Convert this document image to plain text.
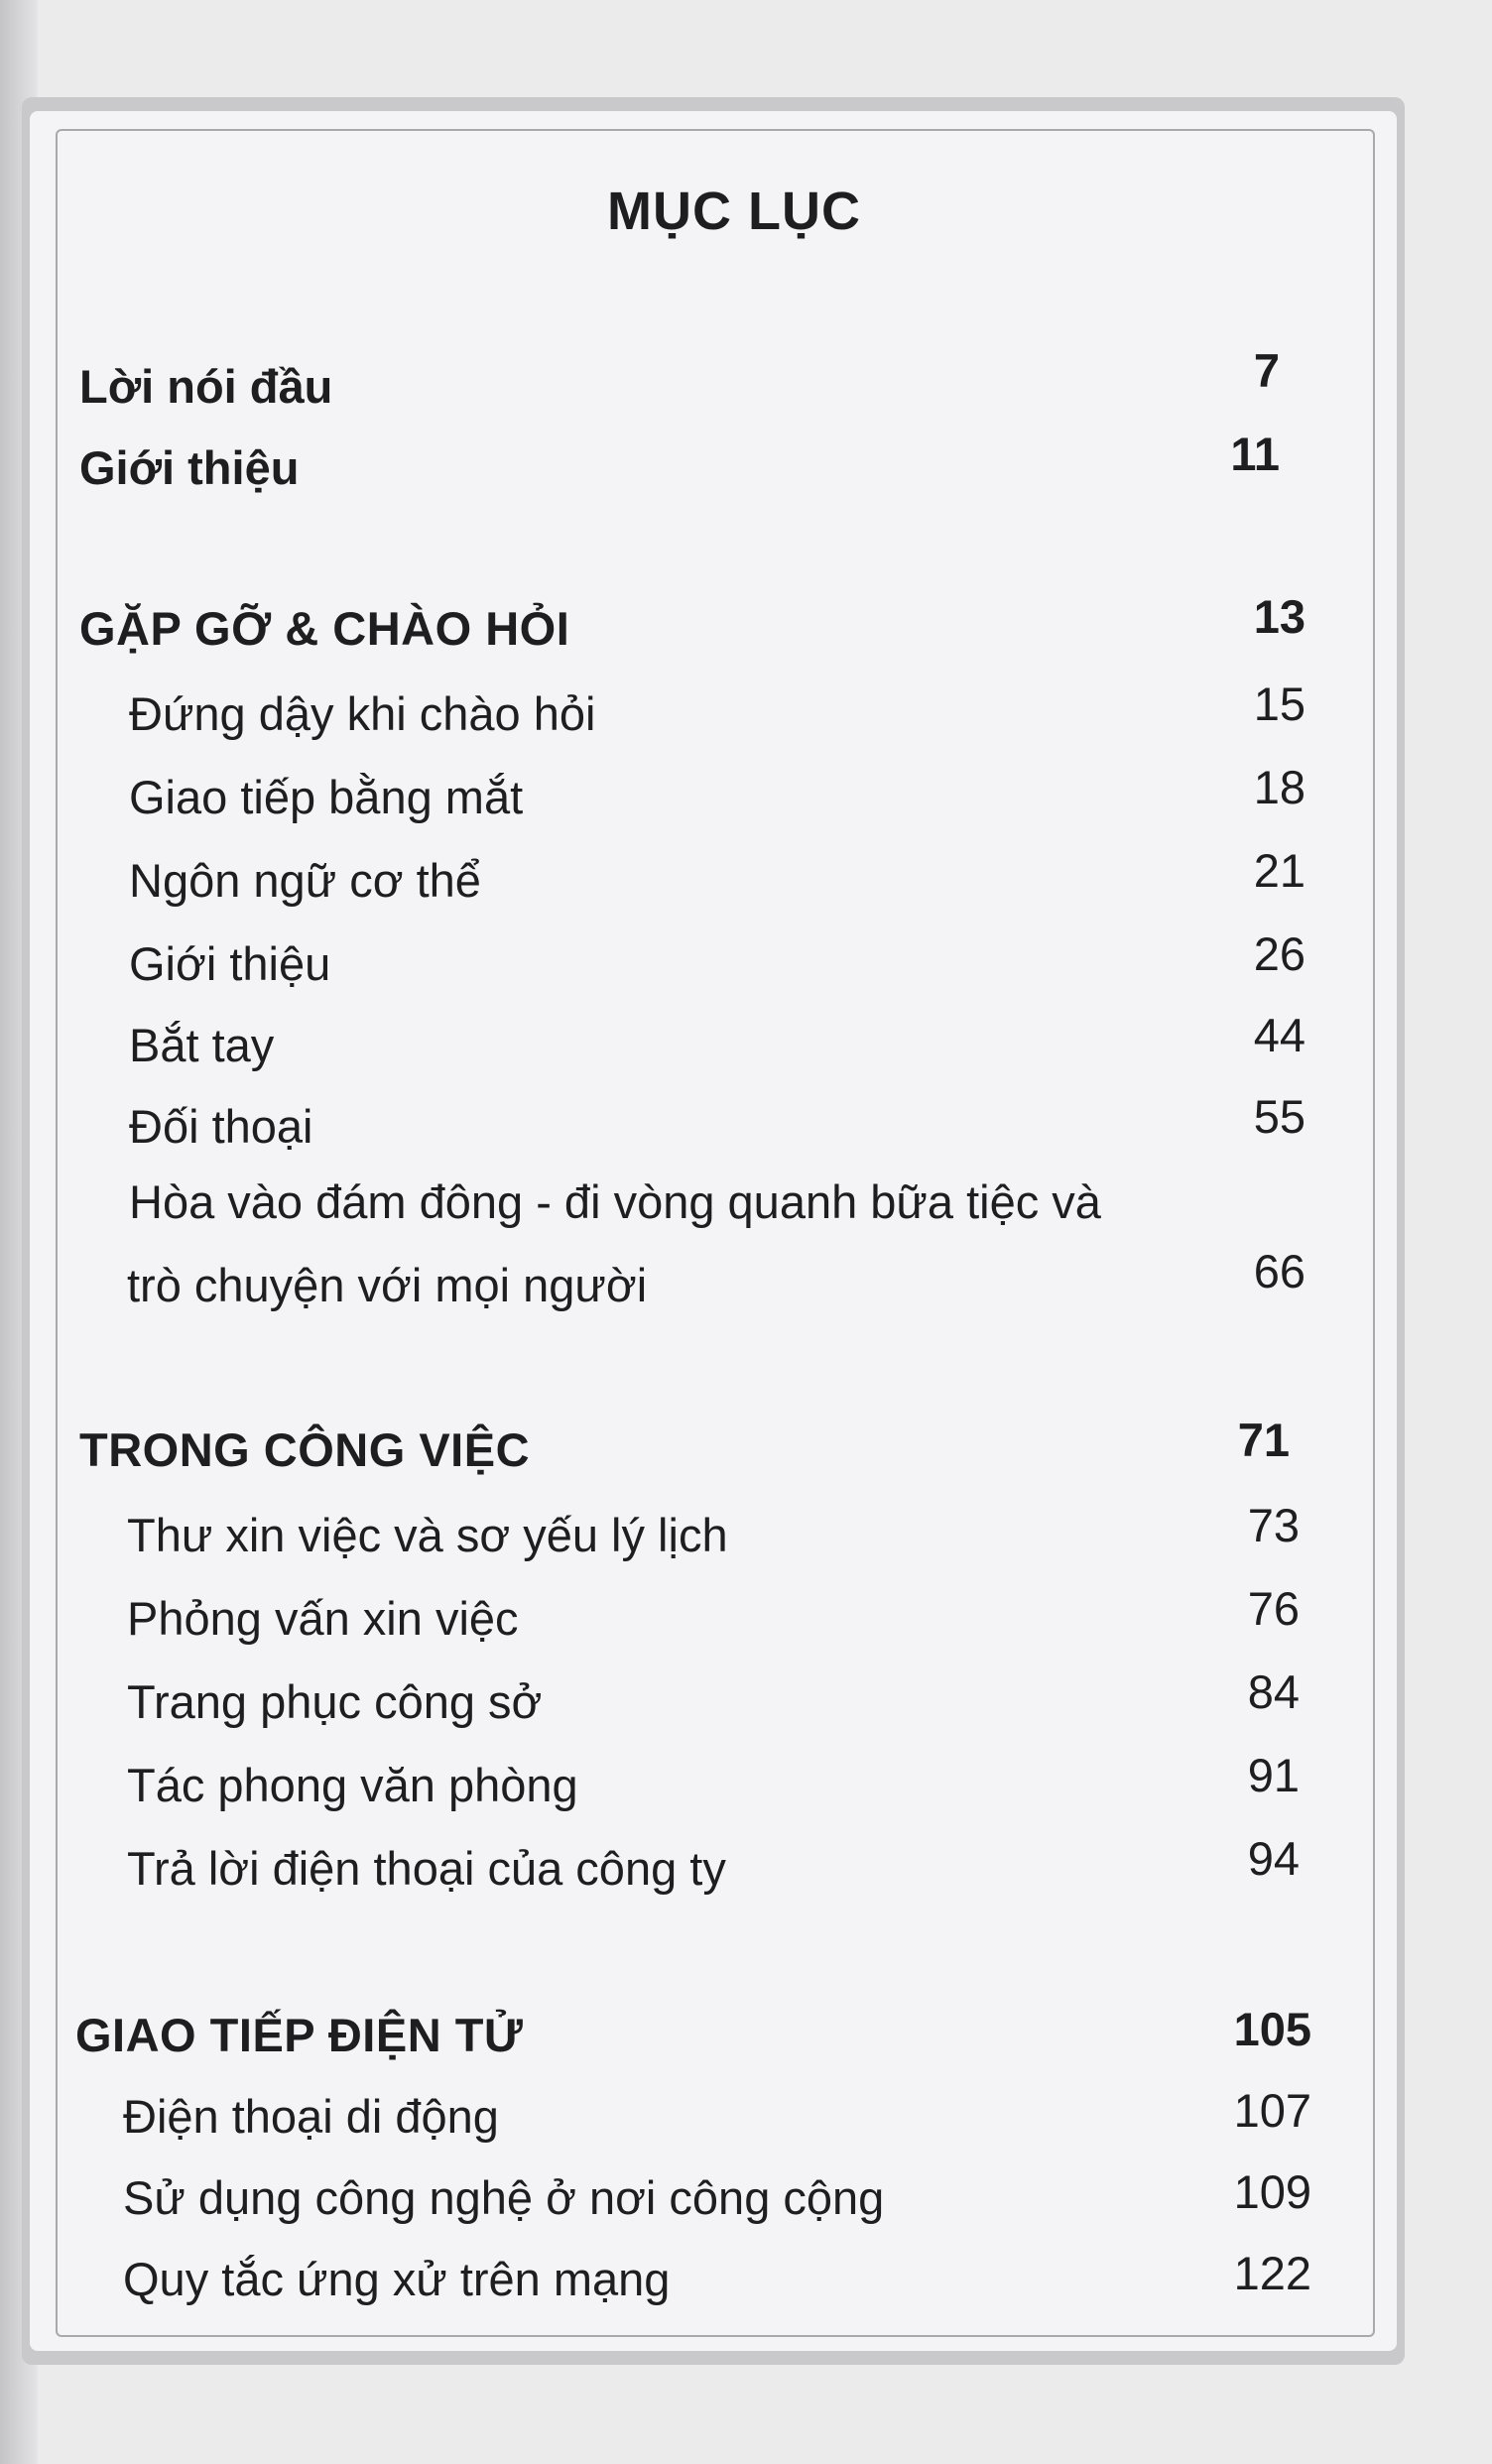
MỤC LỤC
Lời nói đầu	7
Giới thiệu	11
GẶP GỠ & CHÀO HỎI	13
Đứng dậy khi chào hỏi	15
Giao tiếp bằng mắt	18
Ngôn ngữ cơ thể	21
Giới thiệu	26
Bắt tay	44
Đối thoại	55
Hòa vào đám đông - đi vòng quanh bữa tiệc và
trò chuyện với mọi người	66
TRONG CÔNG VIỆC	71
Thư xin việc và sơ yếu lý lịch	73
Phỏng vấn xin việc	76
Trang phục công sở	84
Tác phong văn phòng	91
Trả lời điện thoại của công ty	94
GIAO TIẾP ĐIỆN TỬ	105
Điện thoại di động	107
Sử dụng công nghệ ở nơi công cộng	109
Quy tắc ứng xử trên mạng	122
